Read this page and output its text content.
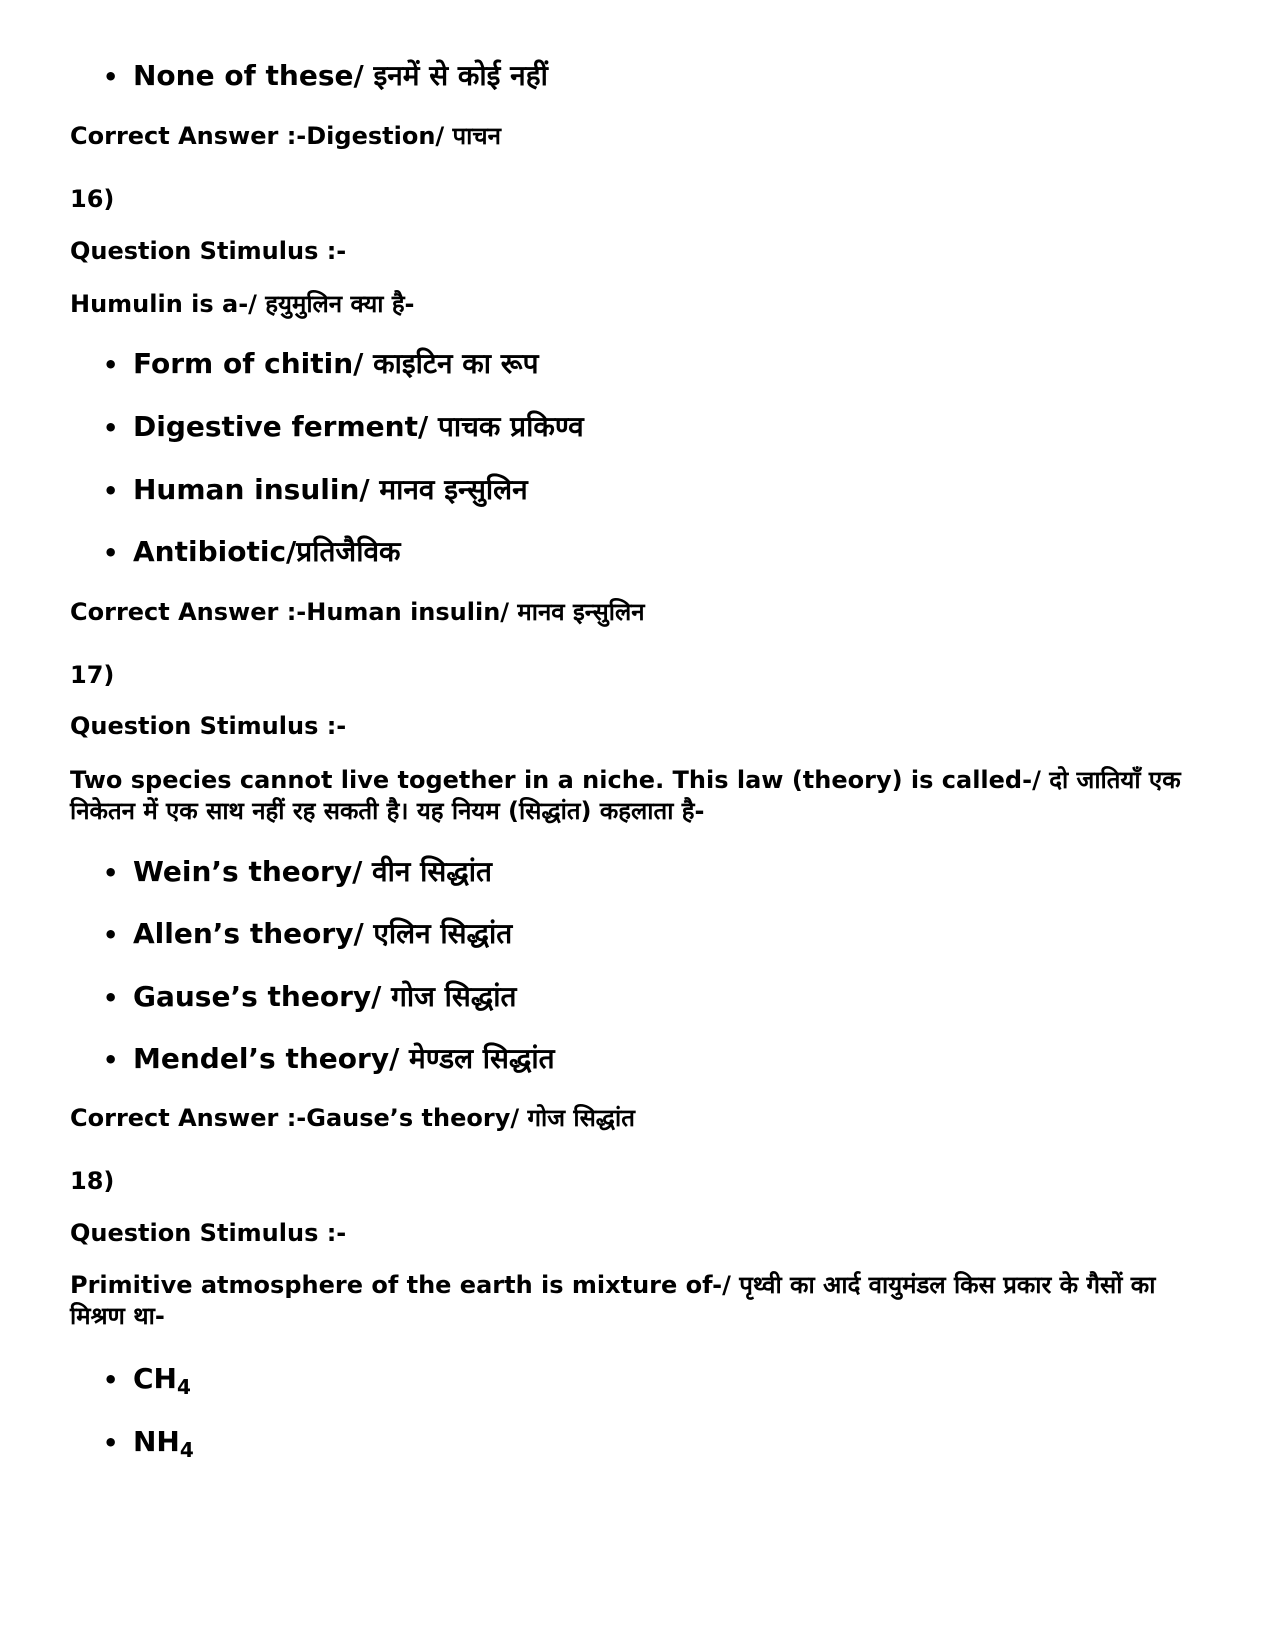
• None of these/ इनमें से कोई नहीं
Correct Answer :-Digestion/ पाचन
16)
Question Stimulus :-
Humulin is a-/ हयुमुलिन क्या है-
• Form of chitin/ काइटिन का रूप
• Digestive ferment/ पाचक प्रकिण्व
• Human insulin/ मानव इन्सुलिन
• Antibiotic/प्रतिजैविक
Correct Answer :-Human insulin/ मानव इन्सुलिन
17)
Question Stimulus :-
Two species cannot live together in a niche. This law (theory) is called-/ दो जातियाँ एक निकेतन में एक साथ नहीं रह सकती है। यह नियम (सिद्धांत) कहलाता है-
• Wein’s theory/ वीन सिद्धांत
• Allen’s theory/ एलिन सिद्धांत
• Gause’s theory/ गोज सिद्धांत
• Mendel’s theory/ मेण्डल सिद्धांत
Correct Answer :-Gause’s theory/ गोज सिद्धांत
18)
Question Stimulus :-
Primitive atmosphere of the earth is mixture of-/ पृथ्वी का आर्द वायुमंडल किस प्रकार के गैसों का मिश्रण था-
• $CH_4$
• $NH_4$
